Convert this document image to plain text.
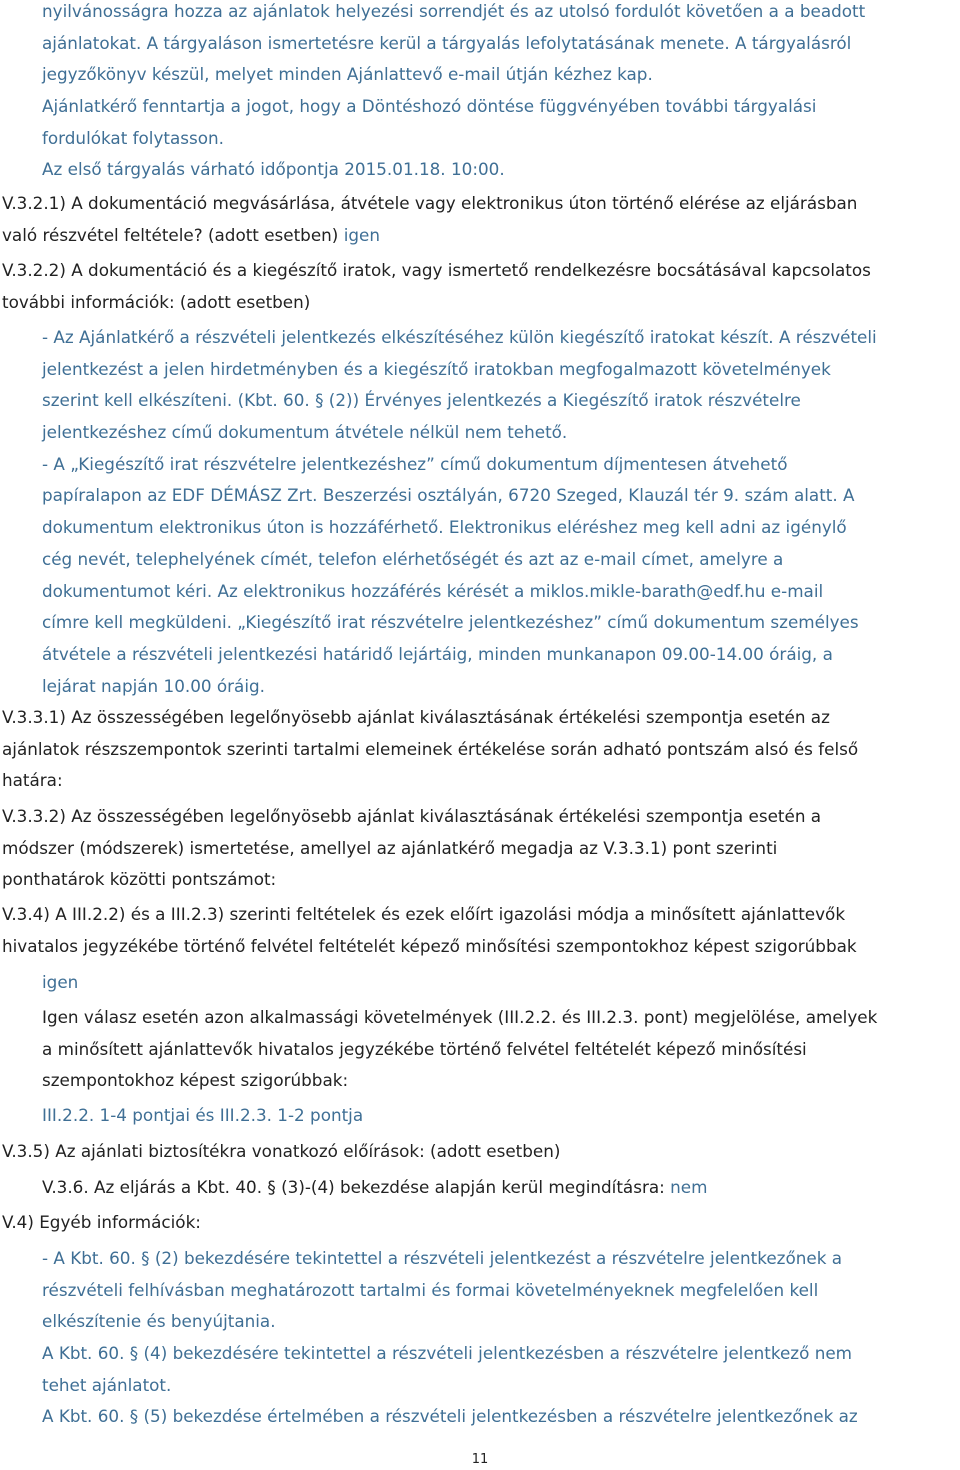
nyilvánosságra hozza az ajánlatok helyezési sorrendjét és az utolsó fordulót követően a a beadott
ajánlatokat. A tárgyaláson ismertetésre kerül a tárgyalás lefolytatásának menete. A tárgyalásról
jegyzőkönyv készül, melyet minden Ajánlattevő e-mail útján kézhez kap.
Ajánlatkérő fenntartja a jogot, hogy a Döntéshozó döntése függvényében további tárgyalási
fordulókat folytasson.
Az első tárgyalás várható időpontja 2015.01.18. 10:00.
V.3.2.1) A dokumentáció megvásárlása, átvétele vagy elektronikus úton történő elérése az eljárásban
való részvétel feltétele? (adott esetben) igen
V.3.2.2) A dokumentáció és a kiegészítő iratok, vagy ismertető rendelkezésre bocsátásával kapcsolatos
további információk: (adott esetben)
- Az Ajánlatkérő a részvételi jelentkezés elkészítéséhez külön kiegészítő iratokat készít. A részvételi
jelentkezést a jelen hirdetményben és a kiegészítő iratokban megfogalmazott követelmények
szerint kell elkészíteni. (Kbt. 60. § (2)) Érvényes jelentkezés a Kiegészítő iratok részvételre
jelentkezéshez című dokumentum átvétele nélkül nem tehető.
- A „Kiegészítő irat részvételre jelentkezéshez” című dokumentum díjmentesen átvehető
papíralapon az EDF DÉMÁSZ Zrt. Beszerzési osztályán, 6720 Szeged, Klauzál tér 9. szám alatt. A
dokumentum elektronikus úton is hozzáférhető. Elektronikus eléréshez meg kell adni az igénylő
cég nevét, telephelyének címét, telefon elérhetőségét és azt az e-mail címet, amelyre a
dokumentumot kéri. Az elektronikus hozzáférés kérését a miklos.mikle-barath@edf.hu e-mail
címre kell megküldeni. „Kiegészítő irat részvételre jelentkezéshez” című dokumentum személyes
átvétele a részvételi jelentkezési határidő lejártáig, minden munkanapon 09.00-14.00 óráig, a
lejárat napján 10.00 óráig.
V.3.3.1) Az összességében legelőnyösebb ajánlat kiválasztásának értékelési szempontja esetén az
ajánlatok részszempontok szerinti tartalmi elemeinek értékelése során adható pontszám alsó és felső
határa:
V.3.3.2) Az összességében legelőnyösebb ajánlat kiválasztásának értékelési szempontja esetén a
módszer (módszerek) ismertetése, amellyel az ajánlatkérő megadja az V.3.3.1) pont szerinti
ponthatárok közötti pontszámot:
V.3.4) A III.2.2) és a III.2.3) szerinti feltételek és ezek előírt igazolási módja a minősített ajánlattevők
hivatalos jegyzékébe történő felvétel feltételét képező minősítési szempontokhoz képest szigorúbbak
igen
Igen válasz esetén azon alkalmassági követelmények (III.2.2. és III.2.3. pont) megjelölése, amelyek
a minősített ajánlattevők hivatalos jegyzékébe történő felvétel feltételét képező minősítési
szempontokhoz képest szigorúbbak:
III.2.2. 1-4 pontjai és III.2.3. 1-2 pontja
V.3.5) Az ajánlati biztosítékra vonatkozó előírások: (adott esetben)
V.3.6. Az eljárás a Kbt. 40. § (3)-(4) bekezdése alapján kerül megindításra: nem
V.4) Egyéb információk:
- A Kbt. 60. § (2) bekezdésére tekintettel a részvételi jelentkezést a részvételre jelentkezőnek a
részvételi felhívásban meghatározott tartalmi és formai követelményeknek megfelelően kell
elkészítenie és benyújtania.
A Kbt. 60. § (4) bekezdésére tekintettel a részvételi jelentkezésben a részvételre jelentkező nem
tehet ajánlatot.
A Kbt. 60. § (5) bekezdése értelmében a részvételi jelentkezésben a részvételre jelentkezőnek az
11
